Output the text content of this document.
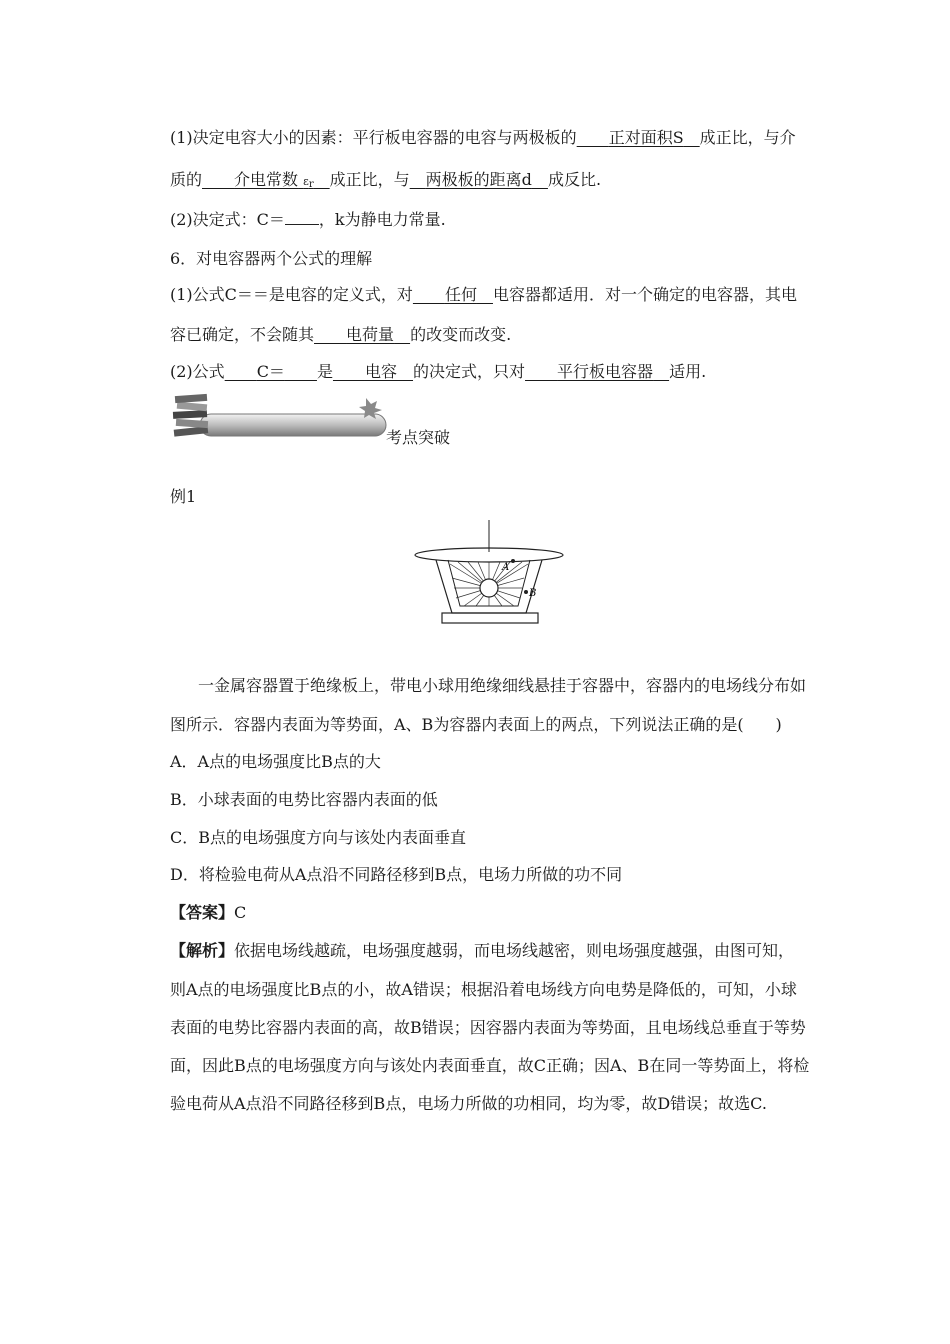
(1)决定电容大小的因素：平行板电容器的电容与两极板的　　 正对面积S　 成正比，与介
质的　　 介电常数 $\varepsilon_r$　 成正比，与　 两极板的距离d　 成反比.
(2)决定式：C＝ ，k为静电力常量.
6．对电容器两个公式的理解
(1)公式C＝＝是电容的定义式，对　　 任何　 电容器都适用．对一个确定的电容器，其电
容已确定，不会随其　　 电荷量　 的改变而改变.
(2)公式　　 C＝　　 是　　 电容　 的决定式，只对　　 平行板电容器　 适用.
考点突破
例1
A
B
一金属容器置于绝缘板上，带电小球用绝缘细线悬挂于容器中，容器内的电场线分布如
图所示．容器内表面为等势面，A、B为容器内表面上的两点，下列说法正确的是(　　)
A．A点的电场强度比B点的大
B．小球表面的电势比容器内表面的低
C．B点的电场强度方向与该处内表面垂直
D．将检验电荷从A点沿不同路径移到B点，电场力所做的功不同
【答案】C
【解析】依据电场线越疏，电场强度越弱，而电场线越密，则电场强度越强，由图可知，
则A点的电场强度比B点的小，故A错误；根据沿着电场线方向电势是降低的，可知，小球
表面的电势比容器内表面的高，故B错误；因容器内表面为等势面，且电场线总垂直于等势
面，因此B点的电场强度方向与该处内表面垂直，故C正确；因A、B在同一等势面上，将检
验电荷从A点沿不同路径移到B点，电场力所做的功相同，均为零，故D错误；故选C.
